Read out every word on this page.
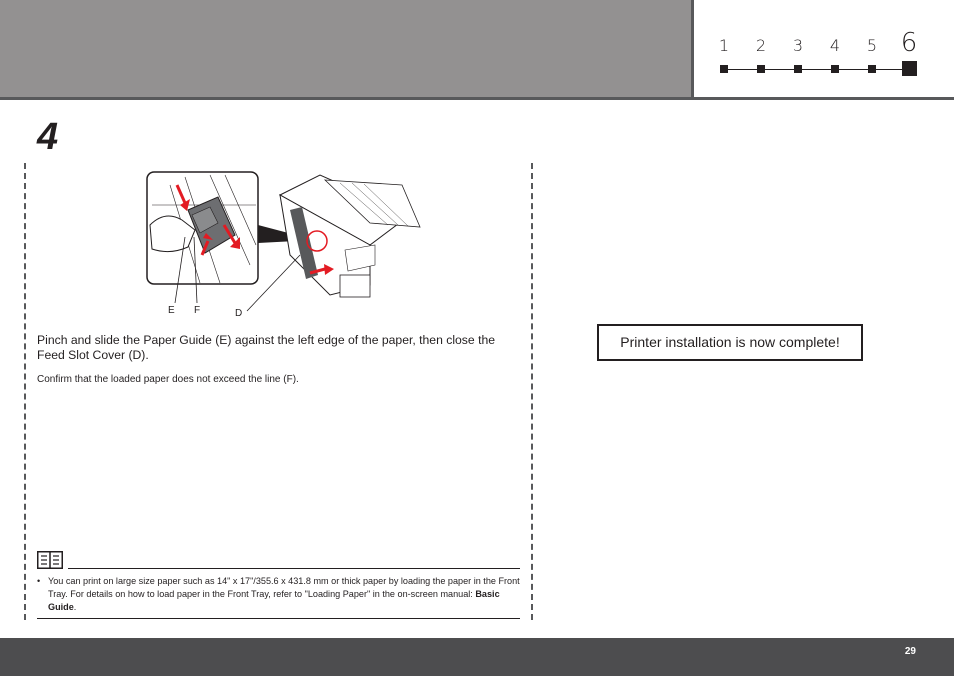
1	2	3	4	5 6
4
E F	D
Pinch and slide the Paper Guide (E) against the left edge of the paper, then close the Feed Slot Cover (D).
Confirm that the loaded paper does not exceed the line (F).
• You can print on large size paper such as 14" x 17"/355.6 x 431.8 mm or thick paper by loading the paper in the Front Tray. For details on how to load paper in the Front Tray, refer to "Loading Paper" in the on-screen manual: Basic Guide.
Printer installation is now complete!
29
